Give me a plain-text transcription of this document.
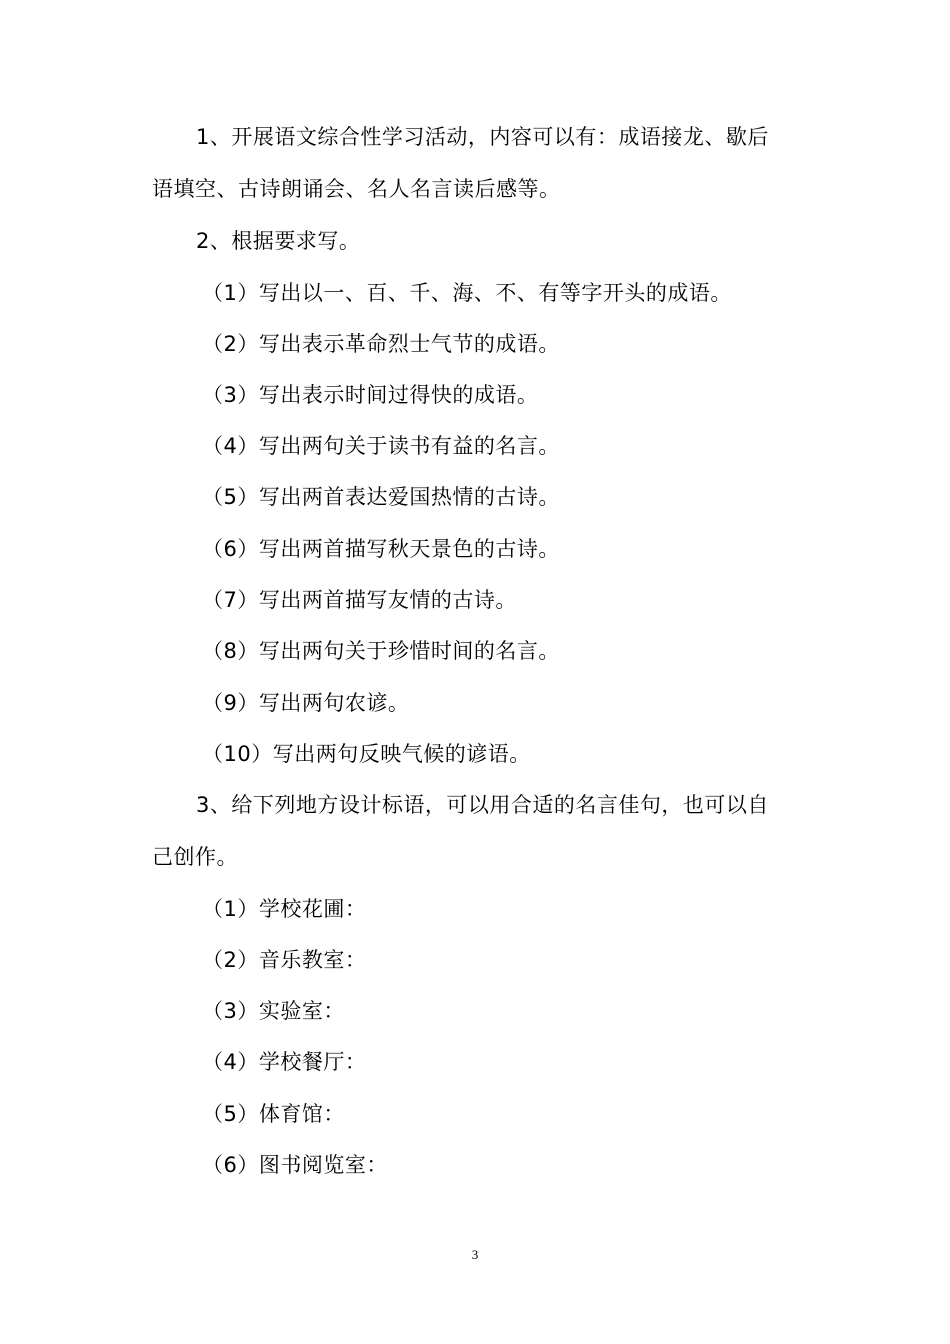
1、开展语文综合性学习活动，内容可以有：成语接龙、歇后
语填空、古诗朗诵会、名人名言读后感等。
2、根据要求写。
（1）写出以一、百、千、海、不、有等字开头的成语。
（2）写出表示革命烈士气节的成语。
（3）写出表示时间过得快的成语。
（4）写出两句关于读书有益的名言。
（5）写出两首表达爱国热情的古诗。
（6）写出两首描写秋天景色的古诗。
（7）写出两首描写友情的古诗。
（8）写出两句关于珍惜时间的名言。
（9）写出两句农谚。
（10）写出两句反映气候的谚语。
3、给下列地方设计标语，可以用合适的名言佳句，也可以自
己创作。
（1）学校花圃：
（2）音乐教室：
（3）实验室：
（4）学校餐厅：
（5）体育馆：
（6）图书阅览室：
3
